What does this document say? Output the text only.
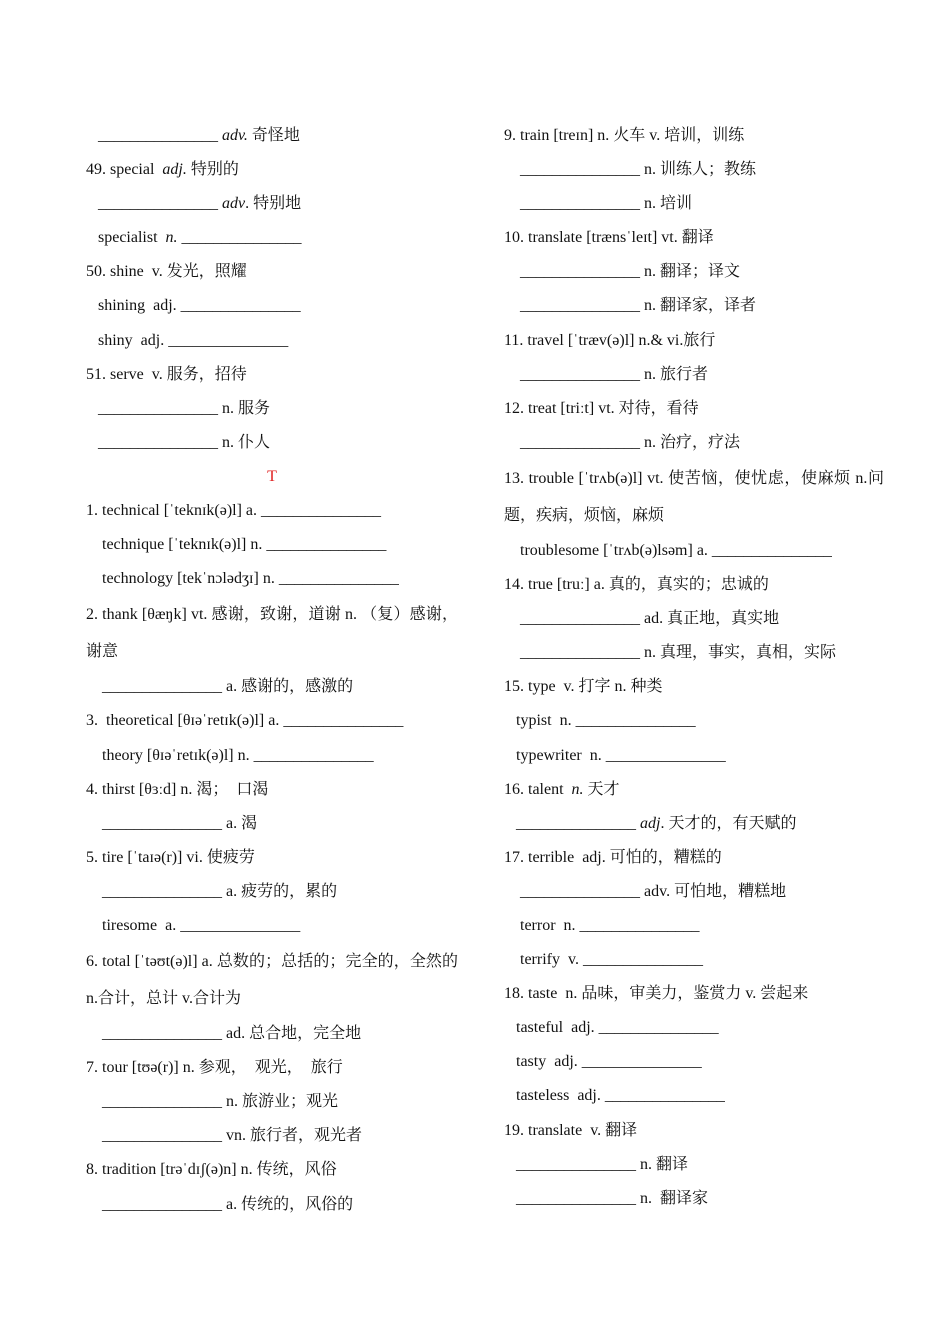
_______________ adv. 奇怪地
49. special  adj. 特别的
_______________ adv. 特别地
specialist  n. _______________
50. shine  v. 发光，照耀
shining  adj. _______________
shiny  adj. _______________
51. serve  v. 服务，招待
_______________ n. 服务
_______________ n. 仆人
T
1. technical [ˈteknɪk(ə)l] a. _______________
technique [ˈteknɪk(ə)l] n. _______________
technology [tekˈnɔlədʒɪ] n. _______________
2. thank [θæŋk] vt. 感谢，致谢，道谢 n. （复）感谢，谢意
_______________ a. 感谢的，感激的
3.  theoretical [θɪəˈretɪk(ə)l] a. _______________
theory [θɪəˈretɪk(ə)l] n. _______________
4. thirst [θɜːd] n. 渴；  口渴
_______________ a. 渴
5. tire [ˈtaɪə(r)] vi. 使疲劳
_______________ a. 疲劳的，累的
tiresome  a. _______________
6. total [ˈtəʊt(ə)l] a. 总数的；总括的；完全的，全然的 n.合计，总计 v.合计为
_______________ ad. 总合地，完全地
7. tour [tʊə(r)] n. 参观，  观光，  旅行
_______________ n. 旅游业；观光
_______________ vn. 旅行者，观光者
8. tradition [trəˈdɪʃ(ə)n] n. 传统，风俗
_______________ a. 传统的，风俗的
9. train [treɪn] n. 火车 v. 培训，训练
_______________ n. 训练人；教练
_______________ n. 培训
10. translate [trænsˈleɪt] vt. 翻译
_______________ n. 翻译；译文
_______________ n. 翻译家，译者
11. travel [ˈtræv(ə)l] n.& vi.旅行
_______________ n. 旅行者
12. treat [triːt] vt. 对待，看待
_______________ n. 治疗，疗法
13. trouble [ˈtrʌb(ə)l] vt. 使苦恼，使忧虑，使麻烦 n.问题，疾病，烦恼，麻烦
troublesome [ˈtrʌb(ə)lsəm] a. _______________
14. true [truː] a. 真的，真实的；忠诚的
_______________ ad. 真正地，真实地
_______________ n. 真理，事实，真相，实际
15. type  v. 打字 n. 种类
typist  n. _______________
typewriter  n. _______________
16. talent  n. 天才
_______________ adj. 天才的，有天赋的
17. terrible  adj. 可怕的，糟糕的
_______________ adv. 可怕地，糟糕地
terror  n. _______________
terrify  v. _______________
18. taste  n. 品味，审美力，鉴赏力 v. 尝起来
tasteful  adj. _______________
tasty  adj. _______________
tasteless  adj. _______________
19. translate  v. 翻译
_______________ n. 翻译
_______________ n.  翻译家
